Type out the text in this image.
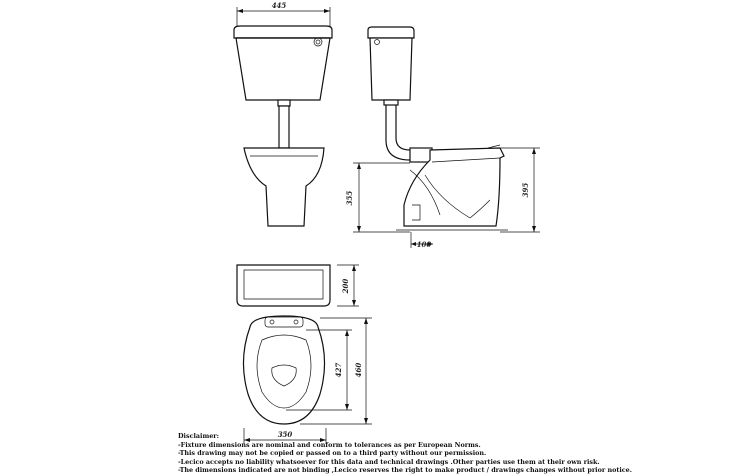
445
355
395
100
200
427 460
350
Disclaimer:
-Fixture dimensions are nominal and conform to tolerances as per European Norms.
-This drawing may not be copied or passed on to a third party without our permission.
-Lecico accepts no liability whatsoever for this data and technical drawings .Other parties use them at their own risk.
-The dimensions indicated are not binding ,Lecico reserves the right to make product / drawings changes without prior notice.
